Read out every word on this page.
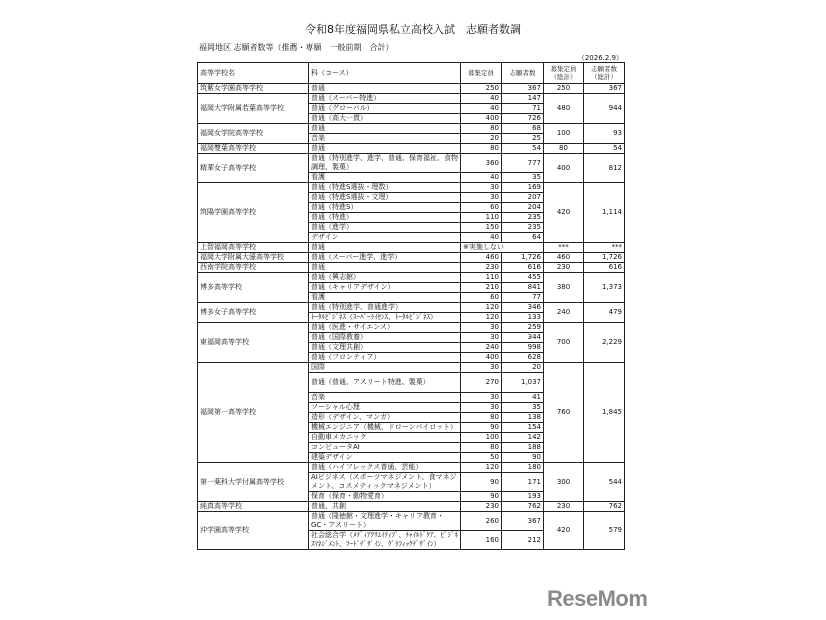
令和8年度福岡県私立高校入試　志願者数調
福岡地区 志願者数等（推薦・専願　一般前期　合計）
（2026.2.9）
高等学校名	科（コース）	募集定員	志願者数	募集定員（総計）	志願者数（総計）
筑紫女学園高等学校	普通	250	367	250	367
福岡大学附属若葉高等学校	普通（スーパー特進）	40	147	480	944
	普通（グローバル）	40	71		
	普通（高大一貫）	400	726		
福岡女学院高等学校	普通	80	68	100	93
	音楽	20	25		
福岡雙葉高等学校	普通	80	54	80	54
精華女子高等学校	普通（特別進学、進学、普通、保育福祉、食物調理、製菓）	360	777	400	812
	看護	40	35		
筑陽学園高等学校	普通（特進S選抜・理数）	30	169	420	1,114
	普通（特進S選抜・文理）	30	207		
	普通（特進S）	60	204		
	普通（特進）	110	235		
	普通（進学）	150	235		
	デザイン	40	64		
上智福岡高等学校	普通	※実施しない		***	***
福岡大学附属大濠高等学校	普通（スーパー進学、進学）	460	1,726	460	1,726
西南学院高等学校	普通	230	616	230	616
博多高等学校	普通（興志館）	110	455	380	1,373
	普通（キャリアデザイン）	210	841		
	看護	60	77		
博多女子高等学校	普通（特別進学、普通進学）	120	346	240	479
	ﾄｰﾀﾙﾋﾞｼﾞﾈｽ（ｽｰﾊﾟｰﾗｲｾﾝｽ、ﾄｰﾀﾙﾋﾞｼﾞﾈｽ）	120	133		
東福岡高等学校	普通（医進・サイエンス）	30	259	700	2,229
	普通（国際教養）	30	344		
	普通（文理共創）	240	998		
	普通（フロンティア）	400	628		
福岡第一高等学校	国際	30	20	760	1,845
	普通（普通、アスリート特進、製菓）	270	1,037		
	音楽	30	41		
	ソーシャル心理	30	35		
	造形（デザイン、マンガ）	80	138		
	機械エンジニア（機械、ドローンパイロット）	90	154		
	自動車メカニック	100	142		
	コンピュータAI	80	188		
	建築デザイン	50	90		
第一薬科大学付属高等学校	普通（ハイフレックス普通、芸能）	120	180	300	544
	AIビジネス（スポーツマネジメント、食マネジメント、コスメティックマネジメント）	90	171		
	保育（保育・動物愛育）	90	193		
純真高等学校	普通、共創	230	762	230	762
沖学園高等学校	普通（隆徳館・文理進学・キャリア教育・GC・アスリート）	260	367	420	579
	社会総合学（ﾒﾃﾞｨｱｸﾘｴｲﾃｨﾌﾞ、ﾁｬｲﾙﾄﾞｹｱ、ﾋﾞｼﾞﾈｽﾏﾈｼﾞﾒﾝﾄ、ﾌｰﾄﾞﾃﾞｻﾞｲﾝ、ｸﾞﾗﾌｨｯｸﾃﾞｻﾞｲﾝ）	160	212		
ReseMom
